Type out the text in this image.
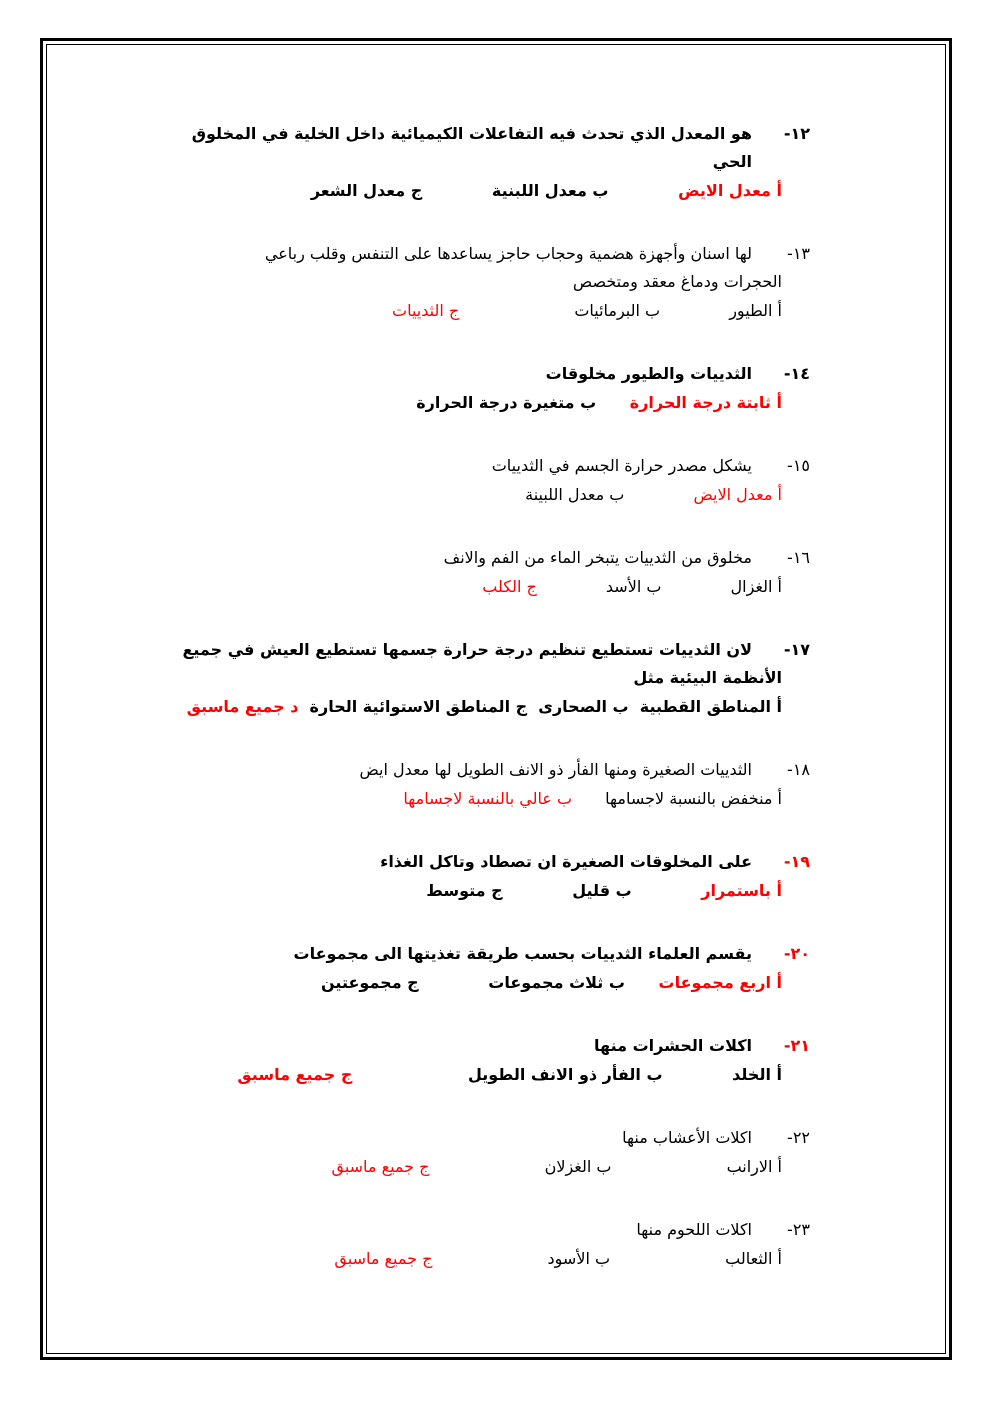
١٢-
هو المعدل الذي تحدث فيه التفاعلات الكيميائية داخل الخلية في المخلوق الحي
أ معدل الايض ب معدل اللبنية ج معدل الشعر
١٣-
لها اسنان وأجهزة هضمية وحجاب حاجز يساعدها على التنفس وقلب رباعي
الحجرات ودماغ معقد ومتخصص
أ الطيور ب البرمائيات ج الثدييات
١٤-
الثدييات والطيور مخلوقات
أ ثابتة درجة الحرارة ب متغيرة درجة الحرارة
١٥-
يشكل مصدر حرارة الجسم في الثدييات
أ معدل الايض ب معدل اللبينة
١٦-
مخلوق من الثدييات يتبخر الماء من الفم والانف
أ الغزال ب الأسد ج الكلب
١٧-
لان الثدييات تستطيع تنظيم درجة حرارة جسمها تستطيع العيش في جميع
الأنظمة البيئية مثل
أ المناطق القطبية  ب الصحارى  ج المناطق الاستوائية الحارة  د جميع ماسبق
١٨-
الثدييات الصغيرة ومنها الفأر ذو الانف الطويل لها معدل ايض
أ منخفض بالنسبة لاجسامها ب عالي بالنسبة لاجسامها
١٩-
على المخلوقات الصغيرة ان تصطاد وتاكل الغذاء
أ باستمرار ب قليل ج متوسط
٢٠-
يقسم العلماء الثدييات بحسب طريقة تغذيتها الى مجموعات
أ اربع مجموعات ب ثلاث مجموعات ج مجموعتين
٢١-
اكلات الحشرات منها
أ الخلد ب الفأر ذو الانف الطويل ج جميع ماسبق
٢٢-
اكلات الأعشاب منها
أ الارانب ب الغزلان ج جميع ماسبق
٢٣-
اكلات اللحوم منها
أ الثعالب ب الأسود ج جميع ماسبق
